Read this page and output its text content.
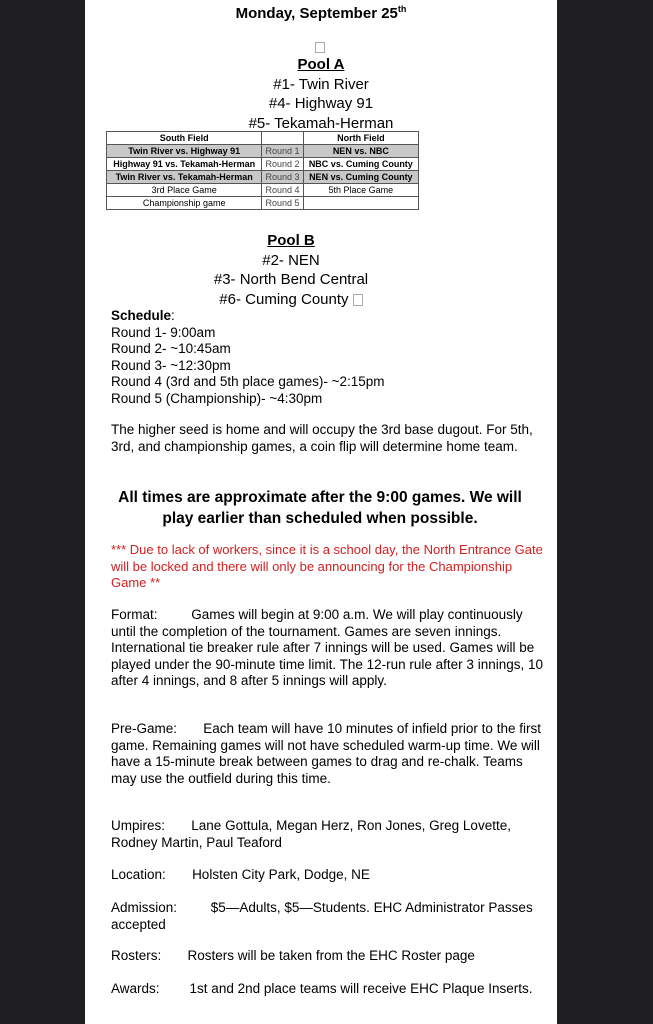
Monday, September 25th
Pool A
#1- Twin River
#4- Highway 91
#5- Tekamah-Herman
South Field		North Field
Twin River vs. Highway 91	Round 1	NEN vs. NBC
Highway 91 vs. Tekamah-Herman	Round 2	NBC vs. Cuming County
Twin River vs. Tekamah-Herman	Round 3	NEN vs. Cuming County
3rd Place Game	Round 4	5th Place Game
Championship game	Round 5	
Pool B
#2- NEN
#3- North Bend Central
#6- Cuming County
Schedule:
Round 1- 9:00am
Round 2- ~10:45am
Round 3- ~12:30pm
Round 4 (3rd and 5th place games)- ~2:15pm
Round 5 (Championship)- ~4:30pm
The higher seed is home and will occupy the 3rd base dugout. For 5th, 3rd, and championship games, a coin flip will determine home team.
All times are approximate after the 9:00 games. We will play earlier than scheduled when possible.
*** Due to lack of workers, since it is a school day, the North Entrance Gate will be locked and there will only be announcing for the Championship Game **
Format:	Games will begin at 9:00 a.m. We will play continuously until the completion of the tournament. Games are seven innings. International tie breaker rule after 7 innings will be used. Games will be played under the 90-minute time limit. The 12-run rule after 3 innings, 10 after 4 innings, and 8 after 5 innings will apply.
Pre-Game: Each team will have 10 minutes of infield prior to the first game. Remaining games will not have scheduled warm-up time. We will have a 15-minute break between games to drag and re-chalk. Teams may use the outfield during this time.
Umpires: Lane Gottula, Megan Herz, Ron Jones, Greg Lovette, Rodney Martin, Paul Teaford
Location: Holsten City Park, Dodge, NE
Admission:	$5—Adults, $5—Students. EHC Administrator Passes accepted
Rosters: Rosters will be taken from the EHC Roster page
Awards: 1st and 2nd place teams will receive EHC Plaque Inserts.
